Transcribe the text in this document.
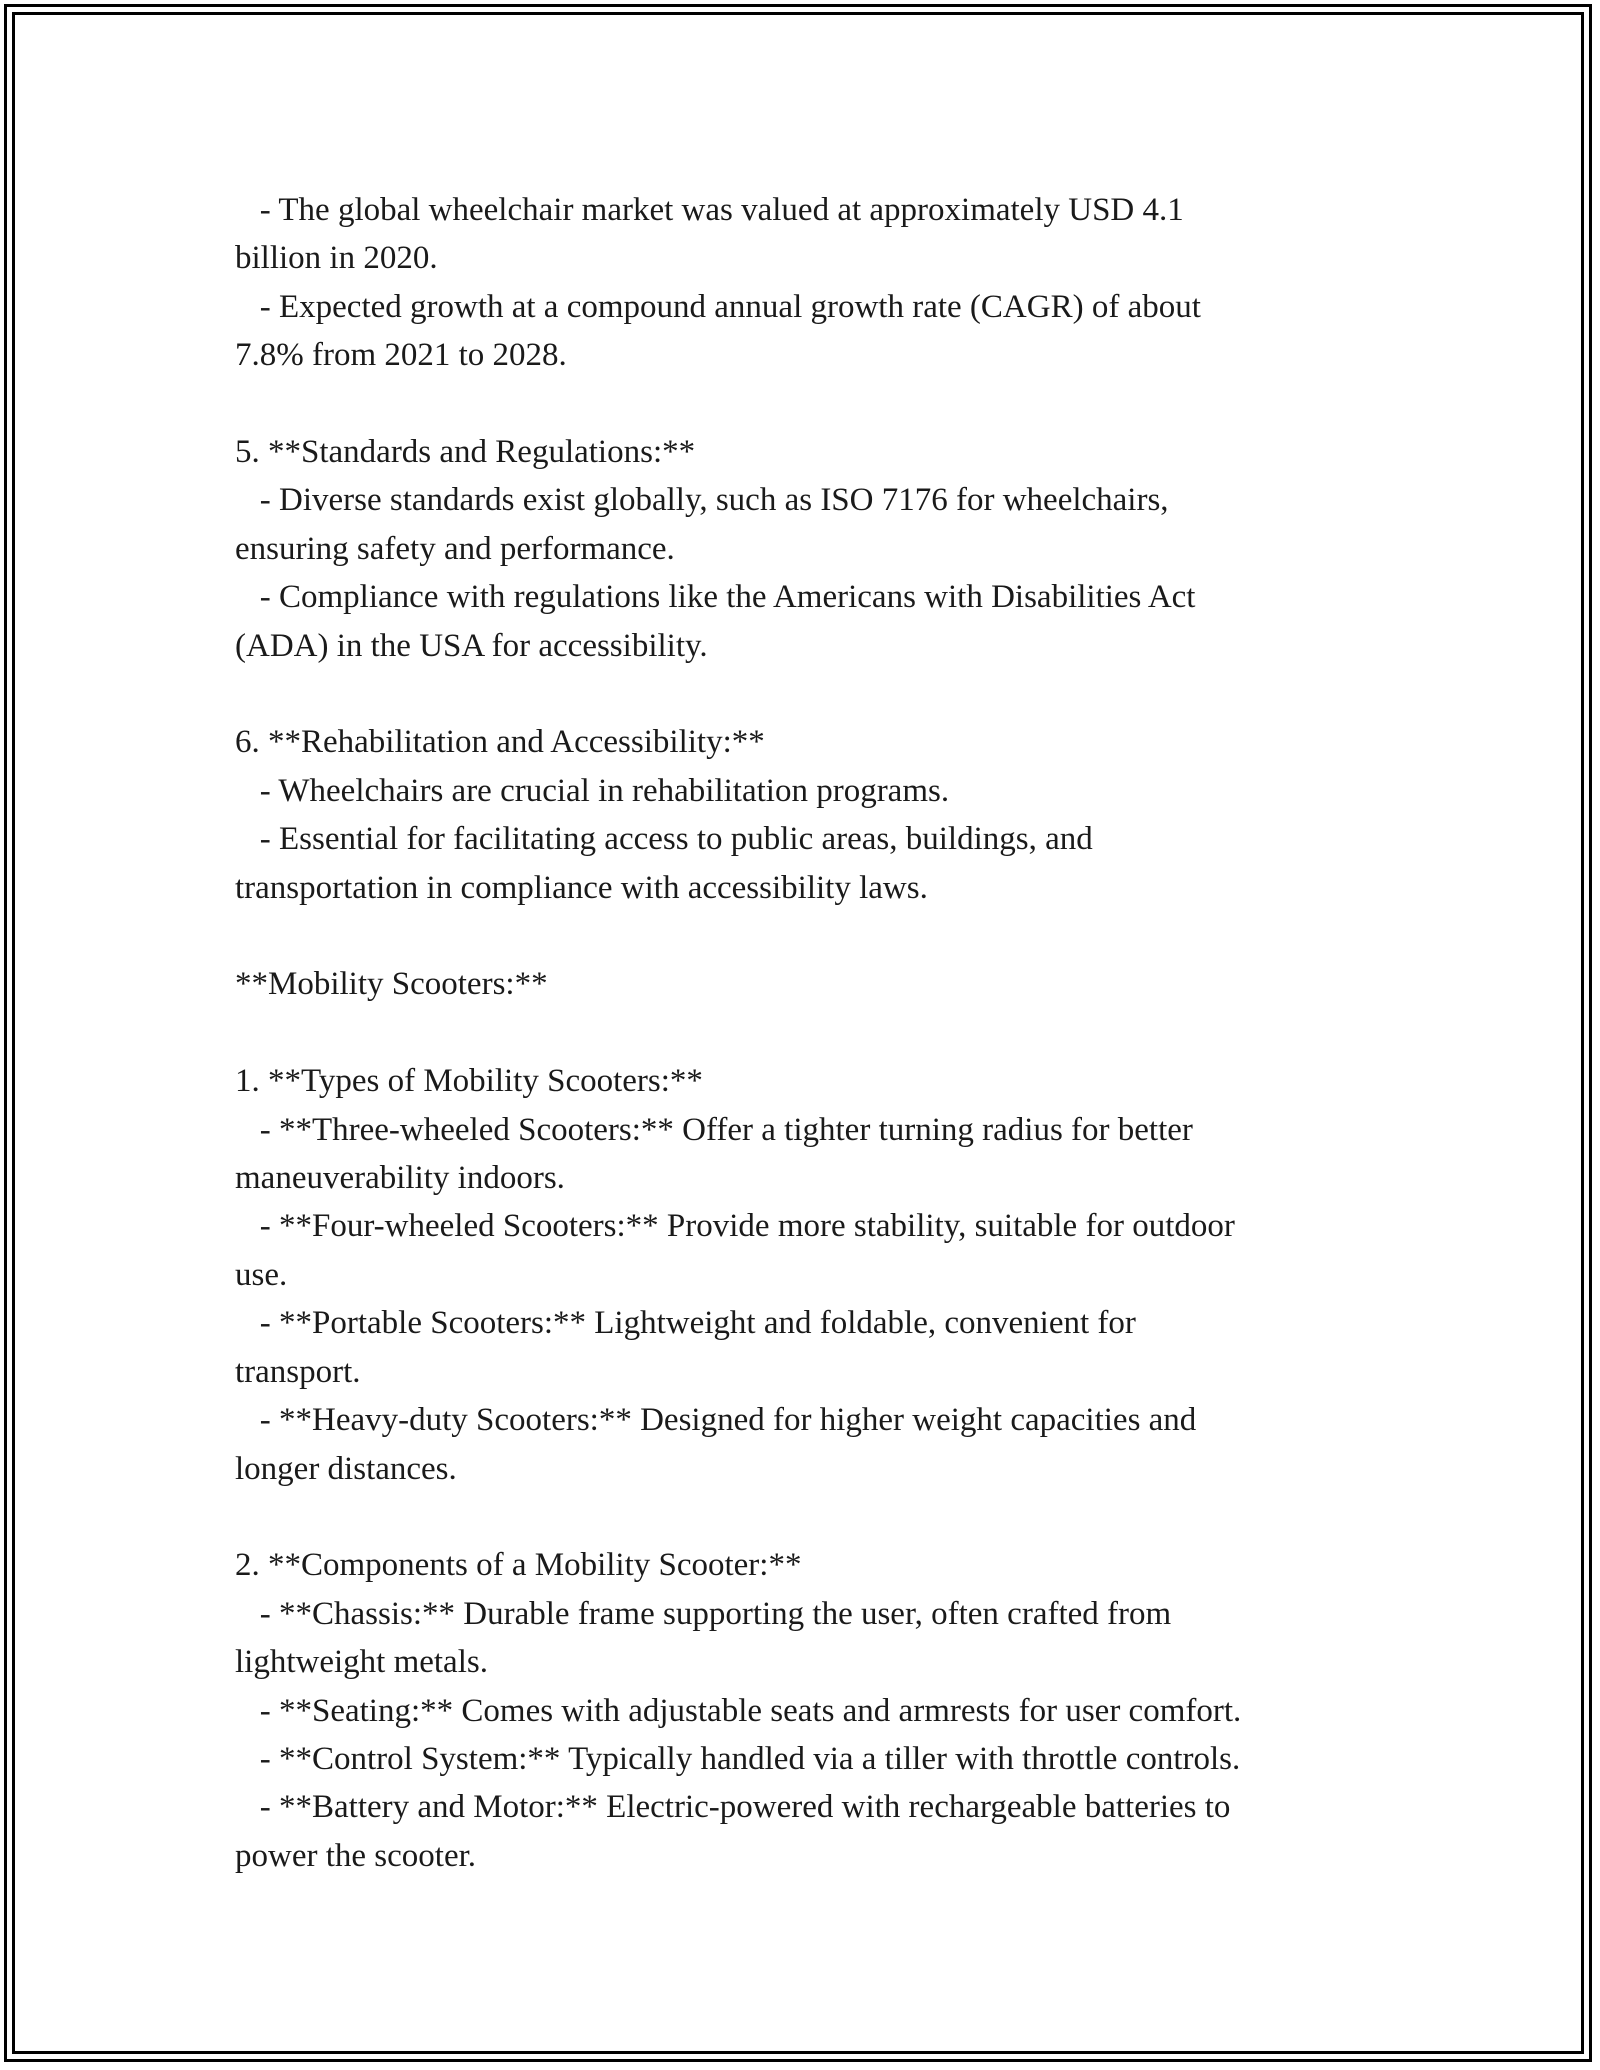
- The global wheelchair market was valued at approximately USD 4.1
billion in 2020.
- Expected growth at a compound annual growth rate (CAGR) of about
7.8% from 2021 to 2028.
5. **Standards and Regulations:**
- Diverse standards exist globally, such as ISO 7176 for wheelchairs,
ensuring safety and performance.
- Compliance with regulations like the Americans with Disabilities Act
(ADA) in the USA for accessibility.
6. **Rehabilitation and Accessibility:**
- Wheelchairs are crucial in rehabilitation programs.
- Essential for facilitating access to public areas, buildings, and
transportation in compliance with accessibility laws.
**Mobility Scooters:**
1. **Types of Mobility Scooters:**
- **Three-wheeled Scooters:** Offer a tighter turning radius for better
maneuverability indoors.
- **Four-wheeled Scooters:** Provide more stability, suitable for outdoor
use.
- **Portable Scooters:** Lightweight and foldable, convenient for
transport.
- **Heavy-duty Scooters:** Designed for higher weight capacities and
longer distances.
2. **Components of a Mobility Scooter:**
- **Chassis:** Durable frame supporting the user, often crafted from
lightweight metals.
- **Seating:** Comes with adjustable seats and armrests for user comfort.
- **Control System:** Typically handled via a tiller with throttle controls.
- **Battery and Motor:** Electric-powered with rechargeable batteries to
power the scooter.
